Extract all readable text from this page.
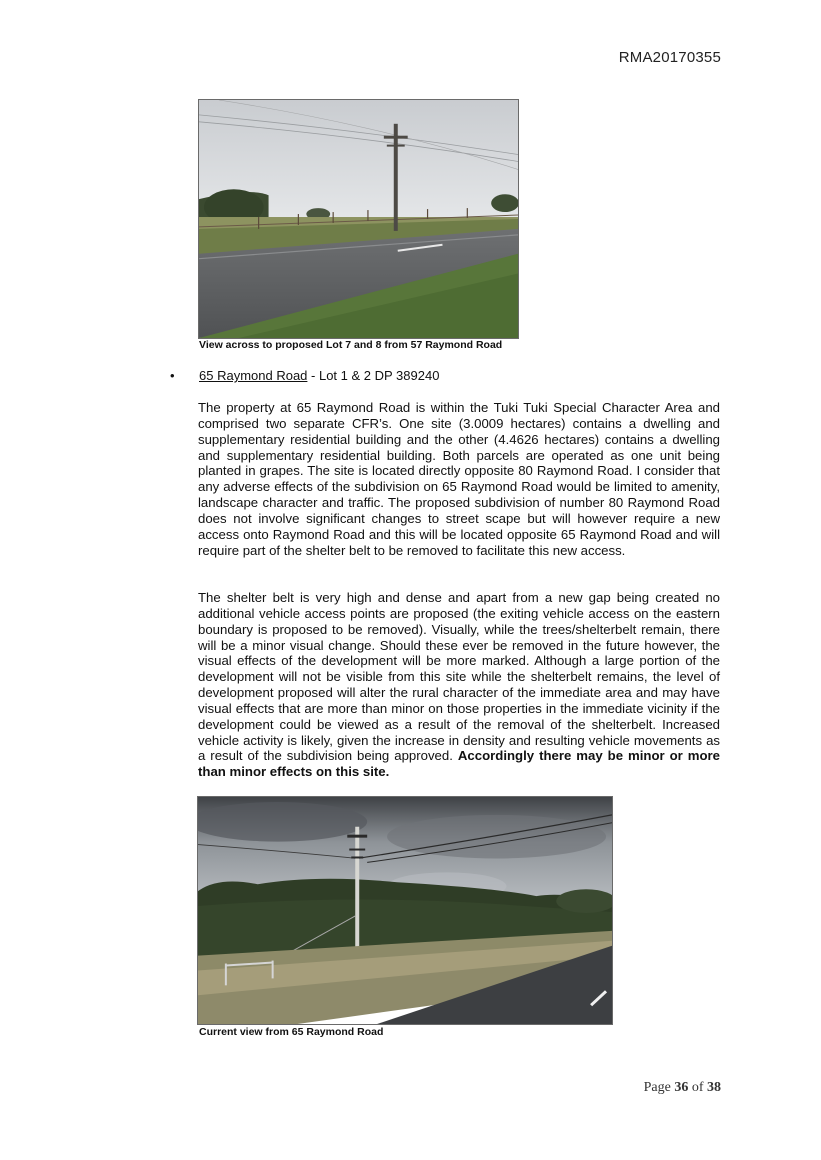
RMA20170355
View across to proposed Lot 7 and 8 from 57 Raymond Road
• 65 Raymond Road - Lot 1 & 2 DP 389240
The property at 65 Raymond Road is within the Tuki Tuki Special Character Area and comprised two separate CFR’s. One site (3.0009 hectares) contains a dwelling and supplementary residential building and the other (4.4626 hectares) contains a dwelling and supplementary residential building. Both parcels are operated as one unit being planted in grapes. The site is located directly opposite 80 Raymond Road. I consider that any adverse effects of the subdivision on 65 Raymond Road would be limited to amenity, landscape character and traffic. The proposed subdivision of number 80 Raymond Road does not involve significant changes to street scape but will however require a new access onto Raymond Road and this will be located opposite 65 Raymond Road and will require part of the shelter belt to be removed to facilitate this new access.
The shelter belt is very high and dense and apart from a new gap being created no additional vehicle access points are proposed (the exiting vehicle access on the eastern boundary is proposed to be removed). Visually, while the trees/shelterbelt remain, there will be a minor visual change. Should these ever be removed in the future however, the visual effects of the development will be more marked. Although a large portion of the development will not be visible from this site while the shelterbelt remains, the level of development proposed will alter the rural character of the immediate area and may have visual effects that are more than minor on those properties in the immediate vicinity if the development could be viewed as a result of the removal of the shelterbelt. Increased vehicle activity is likely, given the increase in density and resulting vehicle movements as a result of the subdivision being approved. Accordingly there may be minor or more than minor effects on this site.
Current view from 65 Raymond Road
Page 36 of 38
